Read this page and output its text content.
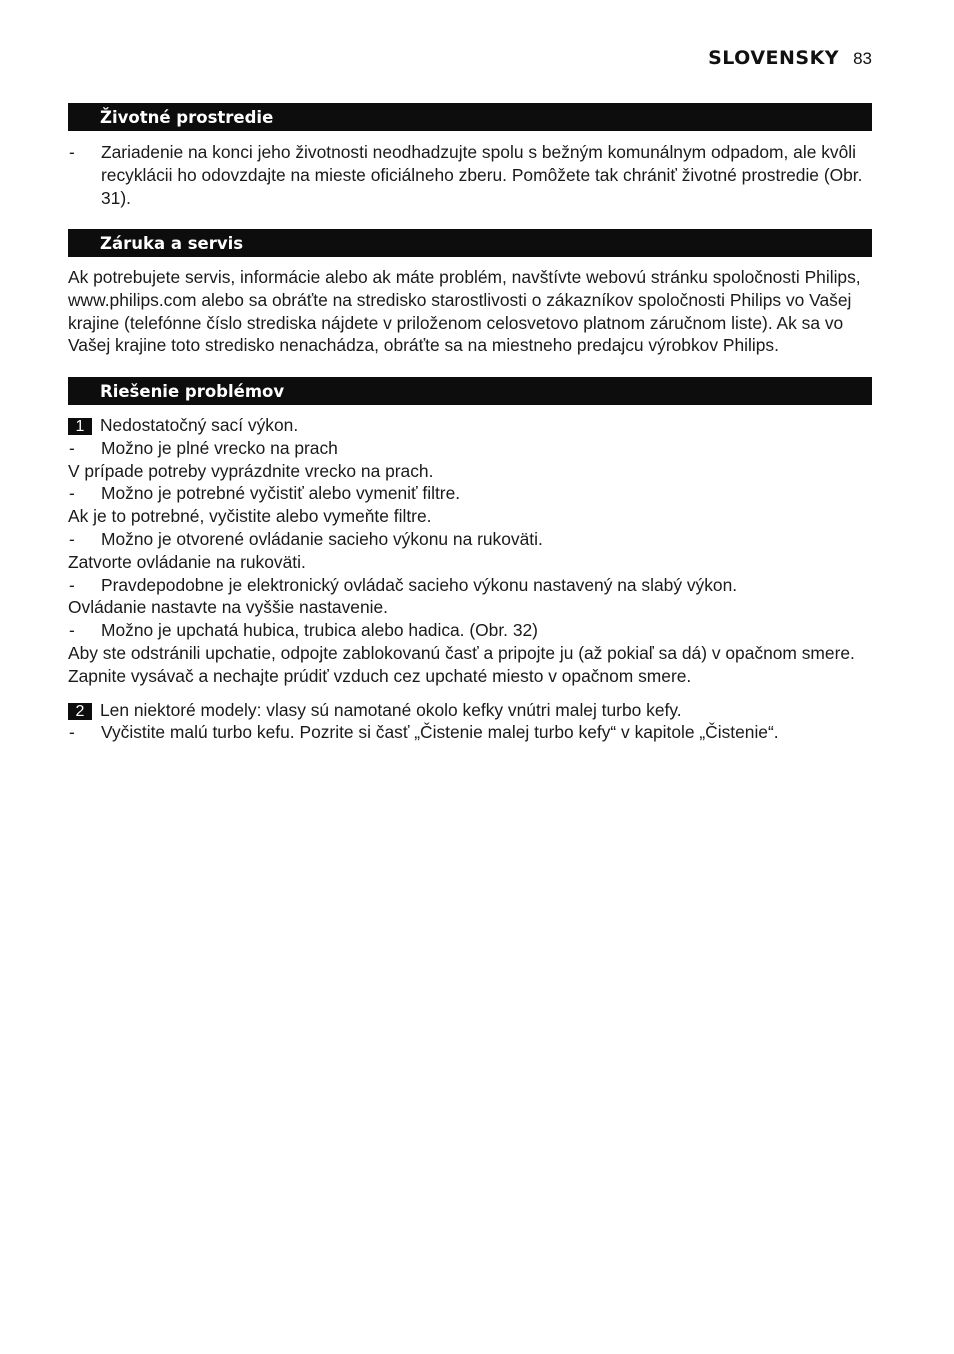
SLOVENSKY 83
Životné prostredie
-	Zariadenie na konci jeho životnosti neodhadzujte spolu s bežným komunálnym odpadom, ale kvôli recyklácii ho odovzdajte na mieste oficiálneho zberu. Pomôžete tak chrániť životné prostredie (Obr. 31).
Záruka a servis
Ak potrebujete servis, informácie alebo ak máte problém, navštívte webovú stránku spoločnosti Philips, www.philips.com alebo sa obráťte na stredisko starostlivosti o zákazníkov spoločnosti Philips vo Vašej krajine (telefónne číslo strediska nájdete v priloženom celosvetovo platnom záručnom liste). Ak sa vo Vašej krajine toto stredisko nenachádza, obráťte sa na miestneho predajcu výrobkov Philips.
Riešenie problémov
1 Nedostatočný sací výkon.
-	Možno je plné vrecko na prach
V prípade potreby vyprázdnite vrecko na prach.
-	Možno je potrebné vyčistiť alebo vymeniť filtre.
Ak je to potrebné, vyčistite alebo vymeňte filtre.
-	Možno je otvorené ovládanie sacieho výkonu na rukoväti.
Zatvorte ovládanie na rukoväti.
-	Pravdepodobne je elektronický ovládač sacieho výkonu nastavený na slabý výkon.
Ovládanie nastavte na vyššie nastavenie.
-	Možno je upchatá hubica, trubica alebo hadica. (Obr. 32)
Aby ste odstránili upchatie, odpojte zablokovanú časť a pripojte ju (až pokiaľ sa dá) v opačnom smere. Zapnite vysávač a nechajte prúdiť vzduch cez upchaté miesto v opačnom smere.
2 Len niektoré modely: vlasy sú namotané okolo kefky vnútri malej turbo kefy.
-	Vyčistite malú turbo kefu. Pozrite si časť „Čistenie malej turbo kefy“ v kapitole „Čistenie“.
